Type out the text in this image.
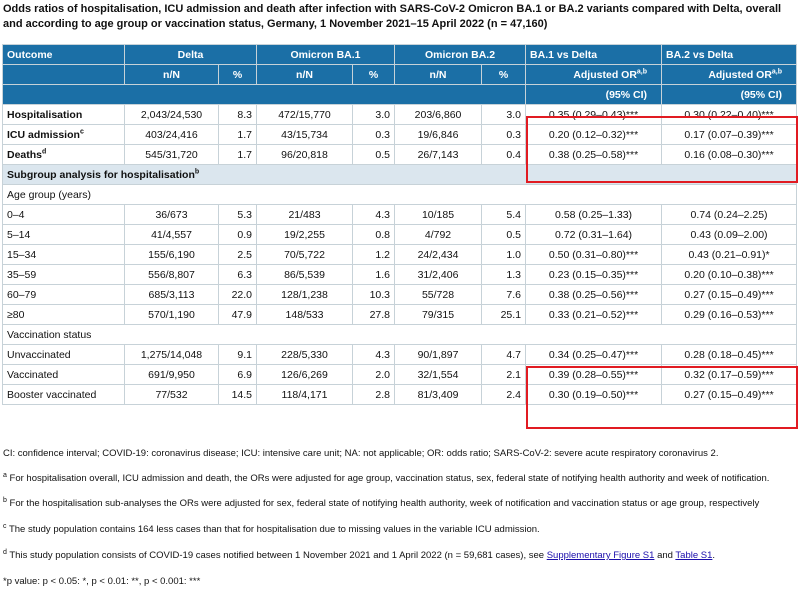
Odds ratios of hospitalisation, ICU admission and death after infection with SARS-CoV-2 Omicron BA.1 or BA.2 variants compared with Delta, overall and according to age group or vaccination status, Germany, 1 November 2021–15 April 2022 (n = 47,160)
Outcome	Delta		Omicron BA.1		Omicron BA.2		BA.1 vs Delta	BA.2 vs Delta
	n/N	%	n/N	%	n/N	%	Adjusted OR$^{a,b}$	Adjusted OR$^{a,b}$
							(95% CI)	(95% CI)
Hospitalisation	2,043/24,530	8.3	472/15,770	3.0	203/6,860	3.0	0.35 (0.29–0.43)***	0.30 (0.22–0.40)***
ICU admission$^c$	403/24,416	1.7	43/15,734	0.3	19/6,846	0.3	0.20 (0.12–0.32)***	0.17 (0.07–0.39)***
Deaths$^d$	545/31,720	1.7	96/20,818	0.5	26/7,143	0.4	0.38 (0.25–0.58)***	0.16 (0.08–0.30)***
Subgroup analysis for hospitalisation$^b$
Age group (years)								
0–4	36/673	5.3	21/483	4.3	10/185	5.4	0.58 (0.25–1.33)	0.74 (0.24–2.25)
5–14	41/4,557	0.9	19/2,255	0.8	4/792	0.5	0.72 (0.31–1.64)	0.43 (0.09–2.00)
15–34	155/6,190	2.5	70/5,722	1.2	24/2,434	1.0	0.50 (0.31–0.80)***	0.43 (0.21–0.91)*
35–59	556/8,807	6.3	86/5,539	1.6	31/2,406	1.3	0.23 (0.15–0.35)***	0.20 (0.10–0.38)***
60–79	685/3,113	22.0	128/1,238	10.3	55/728	7.6	0.38 (0.25–0.56)***	0.27 (0.15–0.49)***
≥80	570/1,190	47.9	148/533	27.8	79/315	25.1	0.33 (0.21–0.52)***	0.29 (0.16–0.53)***
Vaccination status								
Unvaccinated	1,275/14,048	9.1	228/5,330	4.3	90/1,897	4.7	0.34 (0.25–0.47)***	0.28 (0.18–0.45)***
Vaccinated	691/9,950	6.9	126/6,269	2.0	32/1,554	2.1	0.39 (0.28–0.55)***	0.32 (0.17–0.59)***
Booster vaccinated	77/532	14.5	118/4,171	2.8	81/3,409	2.4	0.30 (0.19–0.50)***	0.27 (0.15–0.49)***
CI: confidence interval; COVID-19: coronavirus disease; ICU: intensive care unit; NA: not applicable; OR: odds ratio; SARS-CoV-2: severe acute respiratory coronavirus 2.
$^a$ For hospitalisation overall, ICU admission and death, the ORs were adjusted for age group, vaccination status, sex, federal state of notifying health authority and week of notification.
$^b$ For the hospitalisation sub-analyses the ORs were adjusted for sex, federal state of notifying health authority, week of notification and vaccination status or age group, respectively
$^c$ The study population contains 164 less cases than that for hospitalisation due to missing values in the variable ICU admission.
$^d$ This study population consists of COVID-19 cases notified between 1 November 2021 and 1 April 2022 (n = 59,681 cases), see Supplementary Figure S1 and Table S1.
*p value: p < 0.05: *, p < 0.01: **, p < 0.001: ***
